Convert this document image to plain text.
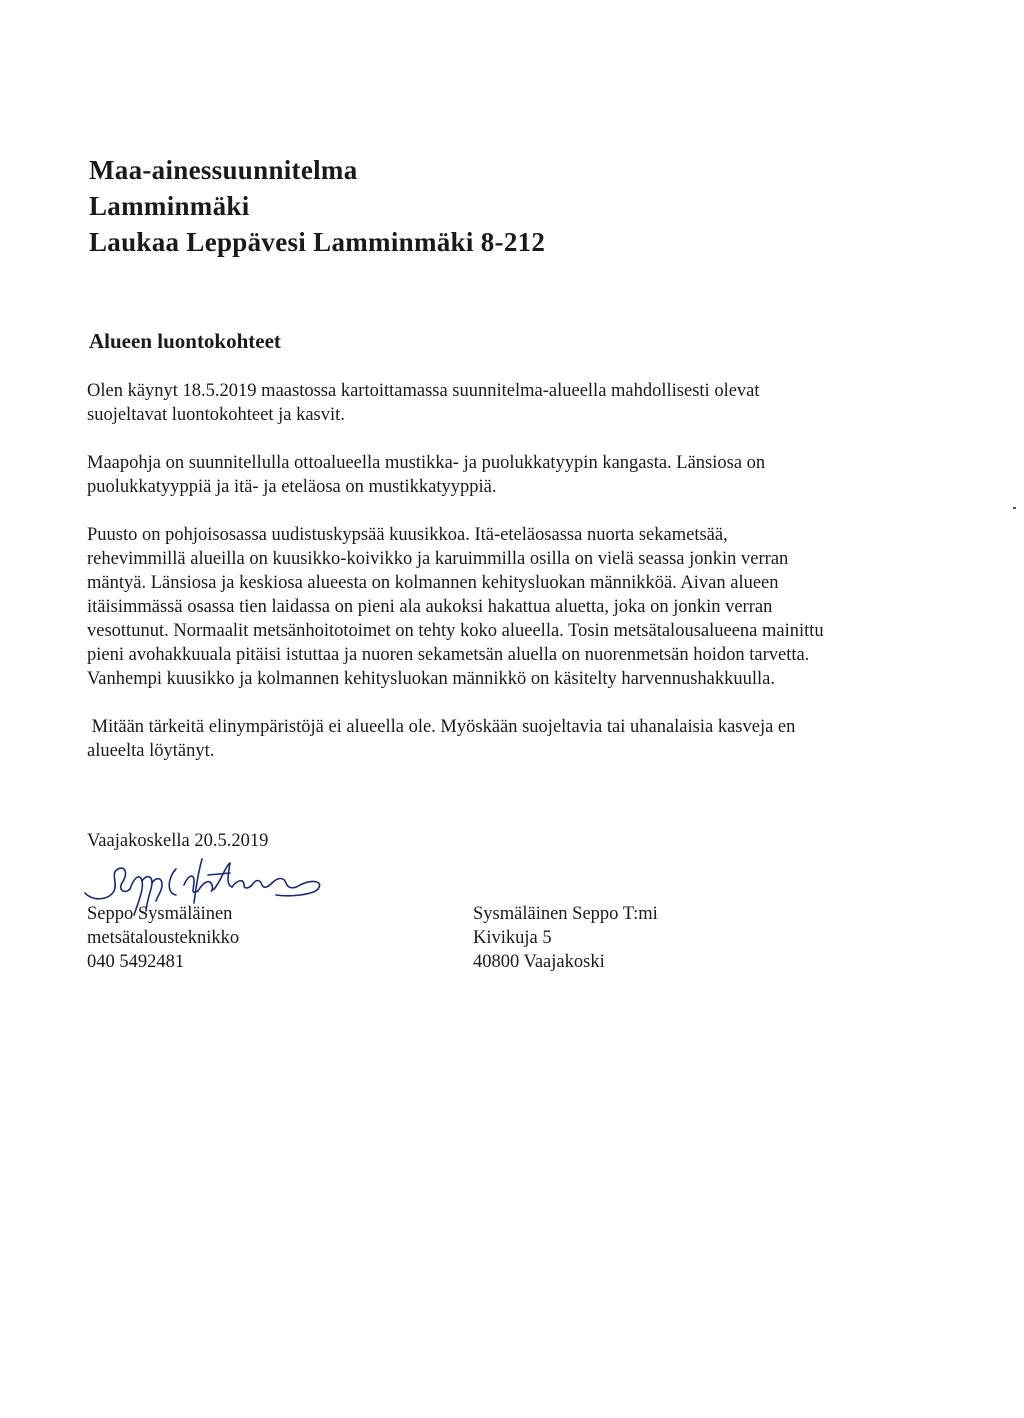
Maa-ainessuunnitelma
Lamminmäki
Laukaa Leppävesi Lamminmäki 8-212
Alueen luontokohteet
Olen käynyt 18.5.2019 maastossa kartoittamassa suunnitelma-alueella mahdollisesti olevat
suojeltavat luontokohteet ja kasvit.
Maapohja on suunnitellulla ottoalueella mustikka- ja puolukkatyypin kangasta. Länsiosa on
puolukkatyyppiä ja itä- ja eteläosa on mustikkatyyppiä.
Puusto on pohjoisosassa uudistuskypsää kuusikkoa. Itä-eteläosassa nuorta sekametsää,
rehevimmillä alueilla on kuusikko-koivikko ja karuimmilla osilla on vielä seassa jonkin verran
mäntyä. Länsiosa ja keskiosa alueesta on kolmannen kehitysluokan männikköä. Aivan alueen
itäisimmässä osassa tien laidassa on pieni ala aukoksi hakattua aluetta, joka on jonkin verran
vesottunut. Normaalit metsänhoitotoimet on tehty koko alueella. Tosin metsätalousalueena mainittu
pieni avohakkuuala pitäisi istuttaa ja nuoren sekametsän aluella on nuorenmetsän hoidon tarvetta.
Vanhempi kuusikko ja kolmannen kehitysluokan männikkö on käsitelty harvennushakkuulla.
Mitään tärkeitä elinympäristöjä ei alueella ole. Myöskään suojeltavia tai uhanalaisia kasveja en
alueelta löytänyt.
Vaajakoskella 20.5.2019
Seppo Sysmäläinen
metsätalousteknikko
040 5492481
Sysmäläinen Seppo T:mi
Kivikuja 5
40800 Vaajakoski
